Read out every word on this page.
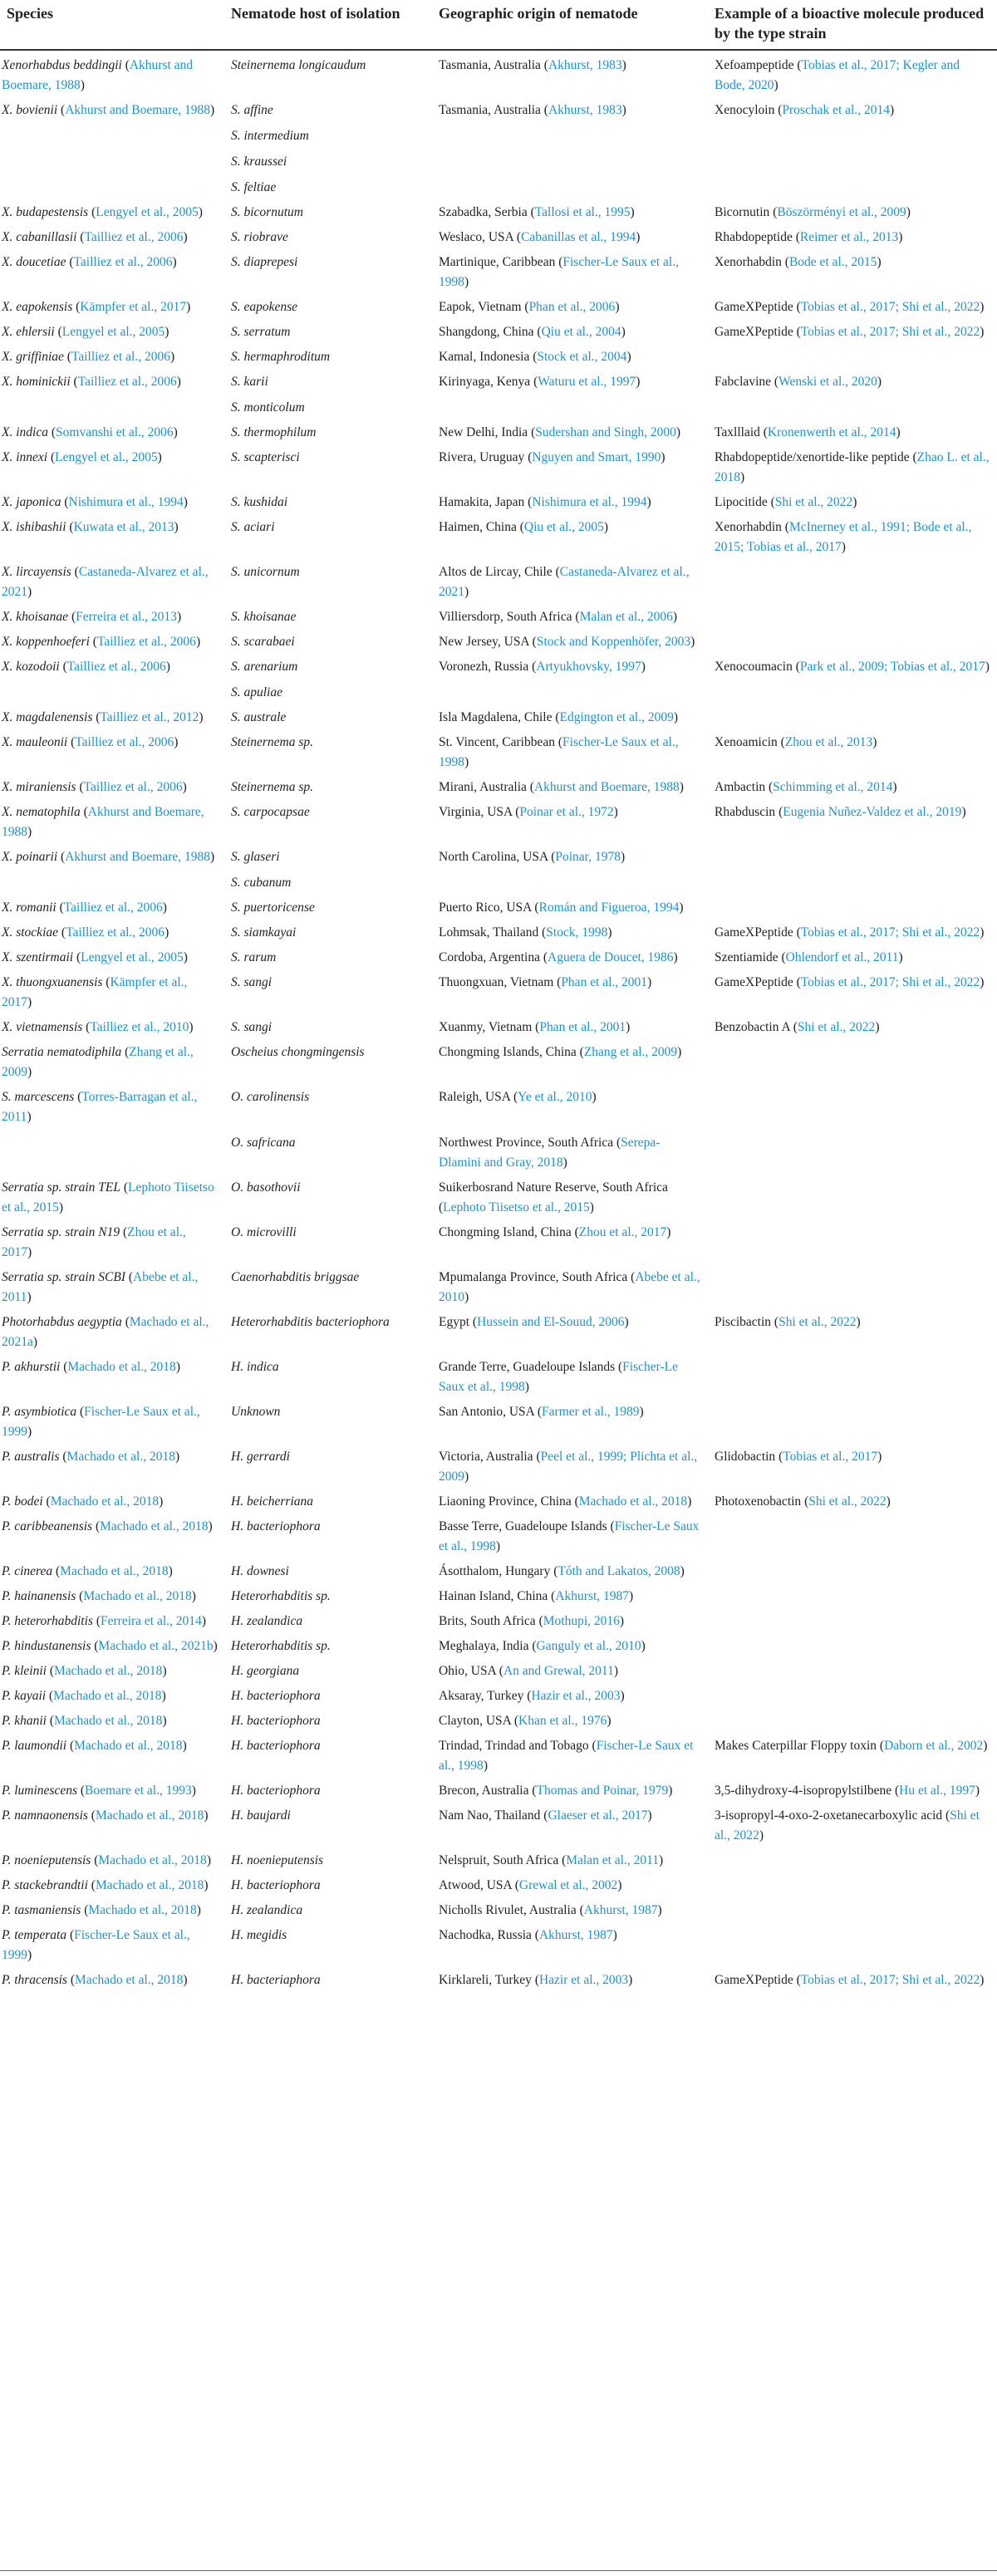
Species	Nematode host of isolation	Geographic origin of nematode	Example of a bioactive molecule produced by the type strain
Xenorhabdus beddingii (Akhurst and Boemare, 1988)	Steinernema longicaudum	Tasmania, Australia (Akhurst, 1983)	Xefoampeptide (Tobias et al., 2017; Kegler and Bode, 2020)
X. bovienii (Akhurst and Boemare, 1988)	S. affine	Tasmania, Australia (Akhurst, 1983)	Xenocyloin (Proschak et al., 2014)
	S. intermedium		
	S. kraussei		
	S. feltiae		
X. budapestensis (Lengyel et al., 2005)	S. bicornutum	Szabadka, Serbia (Tallosi et al., 1995)	Bicornutin (Böszörményi et al., 2009)
X. cabanillasii (Tailliez et al., 2006)	S. riobrave	Weslaco, USA (Cabanillas et al., 1994)	Rhabdopeptide (Reimer et al., 2013)
X. doucetiae (Tailliez et al., 2006)	S. diaprepesi	Martinique, Caribbean (Fischer-Le Saux et al., 1998)	Xenorhabdin (Bode et al., 2015)
X. eapokensis (Kämpfer et al., 2017)	S. eapokense	Eapok, Vietnam (Phan et al., 2006)	GameXPeptide (Tobias et al., 2017; Shi et al., 2022)
X. ehlersii (Lengyel et al., 2005)	S. serratum	Shangdong, China (Qiu et al., 2004)	GameXPeptide (Tobias et al., 2017; Shi et al., 2022)
X. griffiniae (Tailliez et al., 2006)	S. hermaphroditum	Kamal, Indonesia (Stock et al., 2004)	
X. hominickii (Tailliez et al., 2006)	S. karii	Kirinyaga, Kenya (Waturu et al., 1997)	Fabclavine (Wenski et al., 2020)
	S. monticolum		
X. indica (Somvanshi et al., 2006)	S. thermophilum	New Delhi, India (Sudershan and Singh, 2000)	Taxlllaid (Kronenwerth et al., 2014)
X. innexi (Lengyel et al., 2005)	S. scapterisci	Rivera, Uruguay (Nguyen and Smart, 1990)	Rhabdopeptide/xenortide-like peptide (Zhao L. et al., 2018)
X. japonica (Nishimura et al., 1994)	S. kushidai	Hamakita, Japan (Nishimura et al., 1994)	Lipocitide (Shi et al., 2022)
X. ishibashii (Kuwata et al., 2013)	S. aciari	Haimen, China (Qiu et al., 2005)	Xenorhabdin (McInerney et al., 1991; Bode et al., 2015; Tobias et al., 2017)
X. lircayensis (Castaneda-Alvarez et al., 2021)	S. unicornum	Altos de Lircay, Chile (Castaneda-Alvarez et al., 2021)	
X. khoisanae (Ferreira et al., 2013)	S. khoisanae	Villiersdorp, South Africa (Malan et al., 2006)	
X. koppenhoeferi (Tailliez et al., 2006)	S. scarabaei	New Jersey, USA (Stock and Koppenhöfer, 2003)	
X. kozodoii (Tailliez et al., 2006)	S. arenarium	Voronezh, Russia (Artyukhovsky, 1997)	Xenocoumacin (Park et al., 2009; Tobias et al., 2017)
	S. apuliae		
X. magdalenensis (Tailliez et al., 2012)	S. australe	Isla Magdalena, Chile (Edgington et al., 2009)	
X. mauleonii (Tailliez et al., 2006)	Steinernema sp.	St. Vincent, Caribbean (Fischer-Le Saux et al., 1998)	Xenoamicin (Zhou et al., 2013)
X. miraniensis (Tailliez et al., 2006)	Steinernema sp.	Mirani, Australia (Akhurst and Boemare, 1988)	Ambactin (Schimming et al., 2014)
X. nematophila (Akhurst and Boemare, 1988)	S. carpocapsae	Virginia, USA (Poinar et al., 1972)	Rhabduscin (Eugenia Nuñez-Valdez et al., 2019)
X. poinarii (Akhurst and Boemare, 1988)	S. glaseri	North Carolina, USA (Poinar, 1978)	
	S. cubanum		
X. romanii (Tailliez et al., 2006)	S. puertoricense	Puerto Rico, USA (Román and Figueroa, 1994)	
X. stockiae (Tailliez et al., 2006)	S. siamkayai	Lohmsak, Thailand (Stock, 1998)	GameXPeptide (Tobias et al., 2017; Shi et al., 2022)
X. szentirmaii (Lengyel et al., 2005)	S. rarum	Cordoba, Argentina (Aguera de Doucet, 1986)	Szentiamide (Ohlendorf et al., 2011)
X. thuongxuanensis (Kämpfer et al., 2017)	S. sangi	Thuongxuan, Vietnam (Phan et al., 2001)	GameXPeptide (Tobias et al., 2017; Shi et al., 2022)
X. vietnamensis (Tailliez et al., 2010)	S. sangi	Xuanmy, Vietnam (Phan et al., 2001)	Benzobactin A (Shi et al., 2022)
Serratia nematodiphila (Zhang et al., 2009)	Oscheius chongmingensis	Chongming Islands, China (Zhang et al., 2009)	
S. marcescens (Torres-Barragan et al., 2011)	O. carolinensis	Raleigh, USA (Ye et al., 2010)	
	O. safricana	Northwest Province, South Africa (Serepa-Dlamini and Gray, 2018)	
Serratia sp. strain TEL (Lephoto Tiisetso et al., 2015)	O. basothovii	Suikerbosrand Nature Reserve, South Africa (Lephoto Tiisetso et al., 2015)	
Serratia sp. strain N19 (Zhou et al., 2017)	O. microvilli	Chongming Island, China (Zhou et al., 2017)	
Serratia sp. strain SCBI (Abebe et al., 2011)	Caenorhabditis briggsae	Mpumalanga Province, South Africa (Abebe et al., 2010)	
Photorhabdus aegyptia (Machado et al., 2021a)	Heterorhabditis bacteriophora	Egypt (Hussein and El-Souud, 2006)	Piscibactin (Shi et al., 2022)
P. akhurstii (Machado et al., 2018)	H. indica	Grande Terre, Guadeloupe Islands (Fischer-Le Saux et al., 1998)	
P. asymbiotica (Fischer-Le Saux et al., 1999)	Unknown	San Antonio, USA (Farmer et al., 1989)	
P. australis (Machado et al., 2018)	H. gerrardi	Victoria, Australia (Peel et al., 1999; Plichta et al., 2009)	Glidobactin (Tobias et al., 2017)
P. bodei (Machado et al., 2018)	H. beicherriana	Liaoning Province, China (Machado et al., 2018)	Photoxenobactin (Shi et al., 2022)
P. caribbeanensis (Machado et al., 2018)	H. bacteriophora	Basse Terre, Guadeloupe Islands (Fischer-Le Saux et al., 1998)	
P. cinerea (Machado et al., 2018)	H. downesi	Ásotthalom, Hungary (Tóth and Lakatos, 2008)	
P. hainanensis (Machado et al., 2018)	Heterorhabditis sp.	Hainan Island, China (Akhurst, 1987)	
P. heterorhabditis (Ferreira et al., 2014)	H. zealandica	Brits, South Africa (Mothupi, 2016)	
P. hindustanensis (Machado et al., 2021b)	Heterorhabditis sp.	Meghalaya, India (Ganguly et al., 2010)	
P. kleinii (Machado et al., 2018)	H. georgiana	Ohio, USA (An and Grewal, 2011)	
P. kayaii (Machado et al., 2018)	H. bacteriophora	Aksaray, Turkey (Hazir et al., 2003)	
P. khanii (Machado et al., 2018)	H. bacteriophora	Clayton, USA (Khan et al., 1976)	
P. laumondii (Machado et al., 2018)	H. bacteriophora	Trindad, Trindad and Tobago (Fischer-Le Saux et al., 1998)	Makes Caterpillar Floppy toxin (Daborn et al., 2002)
P. luminescens (Boemare et al., 1993)	H. bacteriophora	Brecon, Australia (Thomas and Poinar, 1979)	3,5-dihydroxy-4-isopropylstilbene (Hu et al., 1997)
P. namnaonensis (Machado et al., 2018)	H. baujardi	Nam Nao, Thailand (Glaeser et al., 2017)	3-isopropyl-4-oxo-2-oxetanecarboxylic acid (Shi et al., 2022)
P. noenieputensis (Machado et al., 2018)	H. noenieputensis	Nelspruit, South Africa (Malan et al., 2011)	
P. stackebrandtii (Machado et al., 2018)	H. bacteriophora	Atwood, USA (Grewal et al., 2002)	
P. tasmaniensis (Machado et al., 2018)	H. zealandica	Nicholls Rivulet, Australia (Akhurst, 1987)	
P. temperata (Fischer-Le Saux et al., 1999)	H. megidis	Nachodka, Russia (Akhurst, 1987)	
P. thracensis (Machado et al., 2018)	H. bacteriaphora	Kirklareli, Turkey (Hazir et al., 2003)	GameXPeptide (Tobias et al., 2017; Shi et al., 2022)
